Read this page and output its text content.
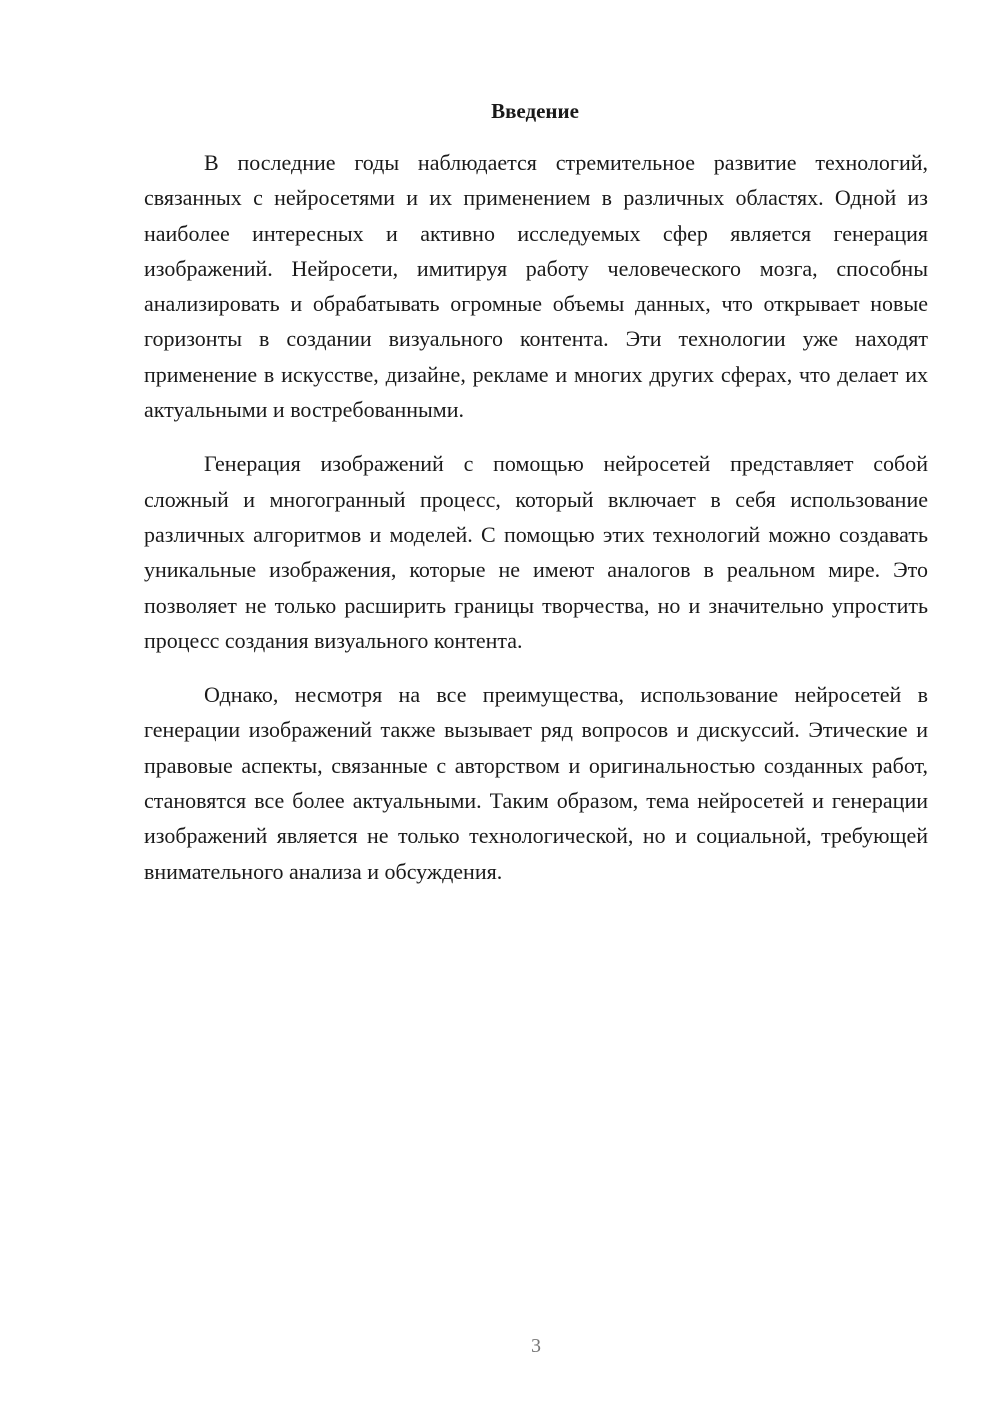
Введение

В последние годы наблюдается стремительное развитие технологий, связанных с нейросетями и их применением в различных областях. Одной из наиболее интересных и активно исследуемых сфер является генерация изображений. Нейросети, имитируя работу человеческого мозга, способны анализировать и обрабатывать огромные объемы данных, что открывает новые горизонты в создании визуального контента. Эти технологии уже находят применение в искусстве, дизайне, рекламе и многих других сферах, что делает их актуальными и востребованными.

Генерация изображений с помощью нейросетей представляет собой сложный и многогранный процесс, который включает в себя использование различных алгоритмов и моделей. С помощью этих технологий можно создавать уникальные изображения, которые не имеют аналогов в реальном мире. Это позволяет не только расширить границы творчества, но и значительно упростить процесс создания визуального контента.

Однако, несмотря на все преимущества, использование нейросетей в генерации изображений также вызывает ряд вопросов и дискуссий. Этические и правовые аспекты, связанные с авторством и оригинальностью созданных работ, становятся все более актуальными. Таким образом, тема нейросетей и генерации изображений является не только технологической, но и социальной, требующей внимательного анализа и обсуждения.

3
